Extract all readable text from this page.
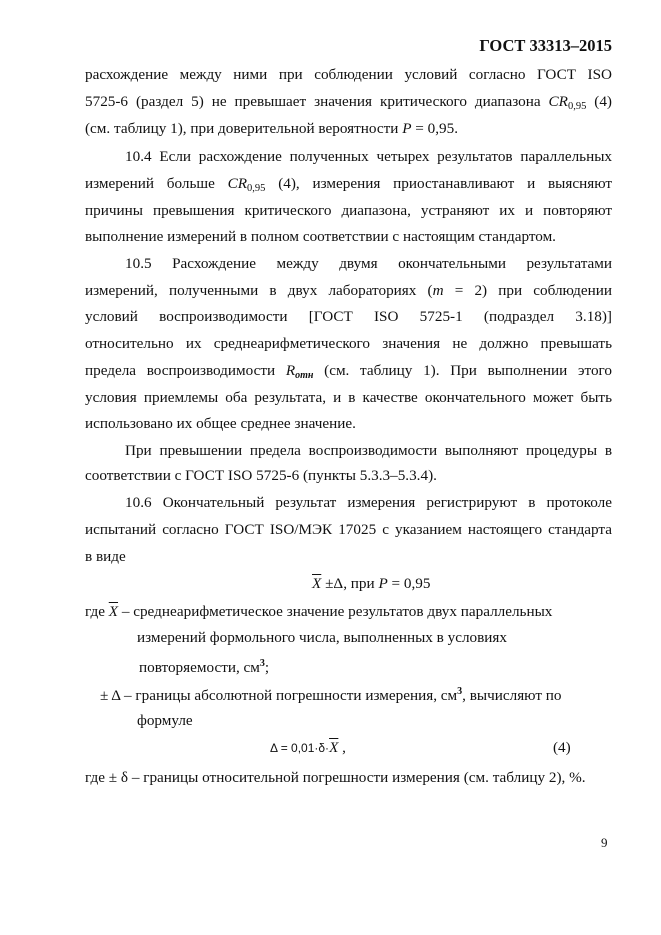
ГОСТ 33313–2015
расхождение между ними при соблюдении условий согласно ГОСТ ISO
5725-6 (раздел 5) не превышает значения критического диапазона $CR_{0,95}$ (4)
(см. таблицу 1), при доверительной вероятности P = 0,95.
10.4 Если расхождение полученных четырех результатов параллельных
измерений больше $CR_{0,95}$ (4), измерения приостанавливают и выясняют
причины превышения критического диапазона, устраняют их и повторяют
выполнение измерений в полном соответствии с настоящим стандартом.
10.5 Расхождение между двумя окончательными результатами
измерений, полученными в двух лабораториях (m = 2) при соблюдении
условий воспроизводимости [ГОСТ ISO 5725-1 (подраздел 3.18)]
относительно их среднеарифметического значения не должно превышать
предела воспроизводимости Rотн (см. таблицу 1). При выполнении этого
условия приемлемы оба результата, и в качестве окончательного может быть
использовано их общее среднее значение.
При превышении предела воспроизводимости выполняют процедуры в
соответствии с ГОСТ ISO 5725-6 (пункты 5.3.3–5.3.4).
10.6 Окончательный результат измерения регистрируют в протоколе
испытаний согласно ГОСТ ISO/МЭК 17025 с указанием настоящего стандарта
в виде
$\overline{X} \pm\Delta$, при P = 0,95
где $\overline{X}$ – среднеарифметическое значение результатов двух параллельных
измерений формольного числа, выполненных в условиях
повторяемости, $см^3$;
± Δ – границы абсолютной погрешности измерения, $см^3$, вычисляют по
формуле
$\Delta = 0,01\cdot\delta\cdot\overline{X}$ ,	(4)
где ± δ – границы относительной погрешности измерения (см. таблицу 2), %.
9
